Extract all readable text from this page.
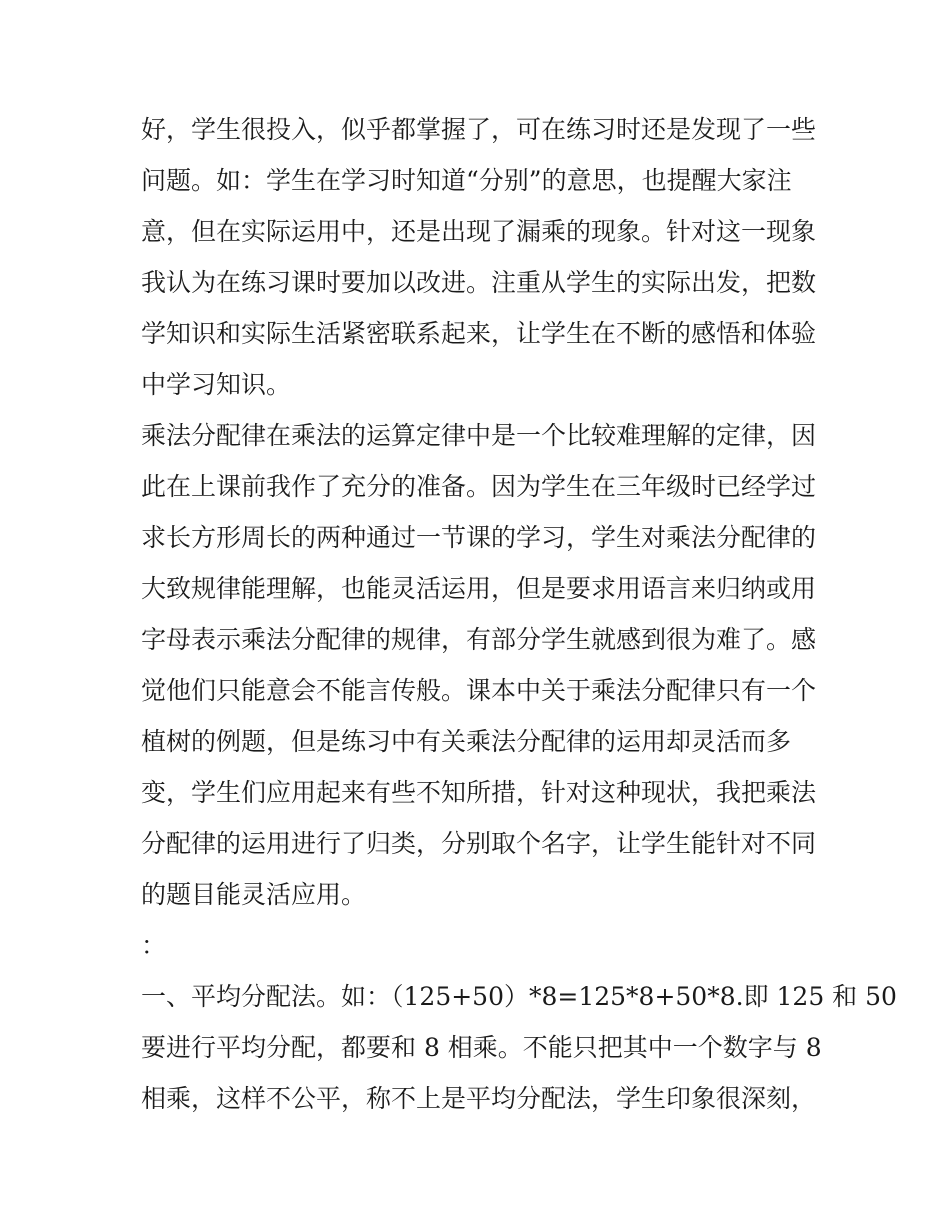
好，学生很投入，似乎都掌握了，可在练习时还是发现了一些
问题。如：学生在学习时知道“分别”的意思，也提醒大家注
意，但在实际运用中，还是出现了漏乘的现象。针对这一现象
我认为在练习课时要加以改进。注重从学生的实际出发，把数
学知识和实际生活紧密联系起来，让学生在不断的感悟和体验
中学习知识。
乘法分配律在乘法的运算定律中是一个比较难理解的定律，因
此在上课前我作了充分的准备。因为学生在三年级时已经学过
求长方形周长的两种通过一节课的学习，学生对乘法分配律的
大致规律能理解，也能灵活运用，但是要求用语言来归纳或用
字母表示乘法分配律的规律，有部分学生就感到很为难了。感
觉他们只能意会不能言传般。课本中关于乘法分配律只有一个
植树的例题，但是练习中有关乘法分配律的运用却灵活而多
变，学生们应用起来有些不知所措，针对这种现状，我把乘法
分配律的运用进行了归类，分别取个名字，让学生能针对不同
的题目能灵活应用。
：
一、平均分配法。如：（125+50）*8=125*8+50*8.即 125 和 50
要进行平均分配，都要和 8 相乘。不能只把其中一个数字与 8
相乘，这样不公平，称不上是平均分配法，学生印象很深刻，
